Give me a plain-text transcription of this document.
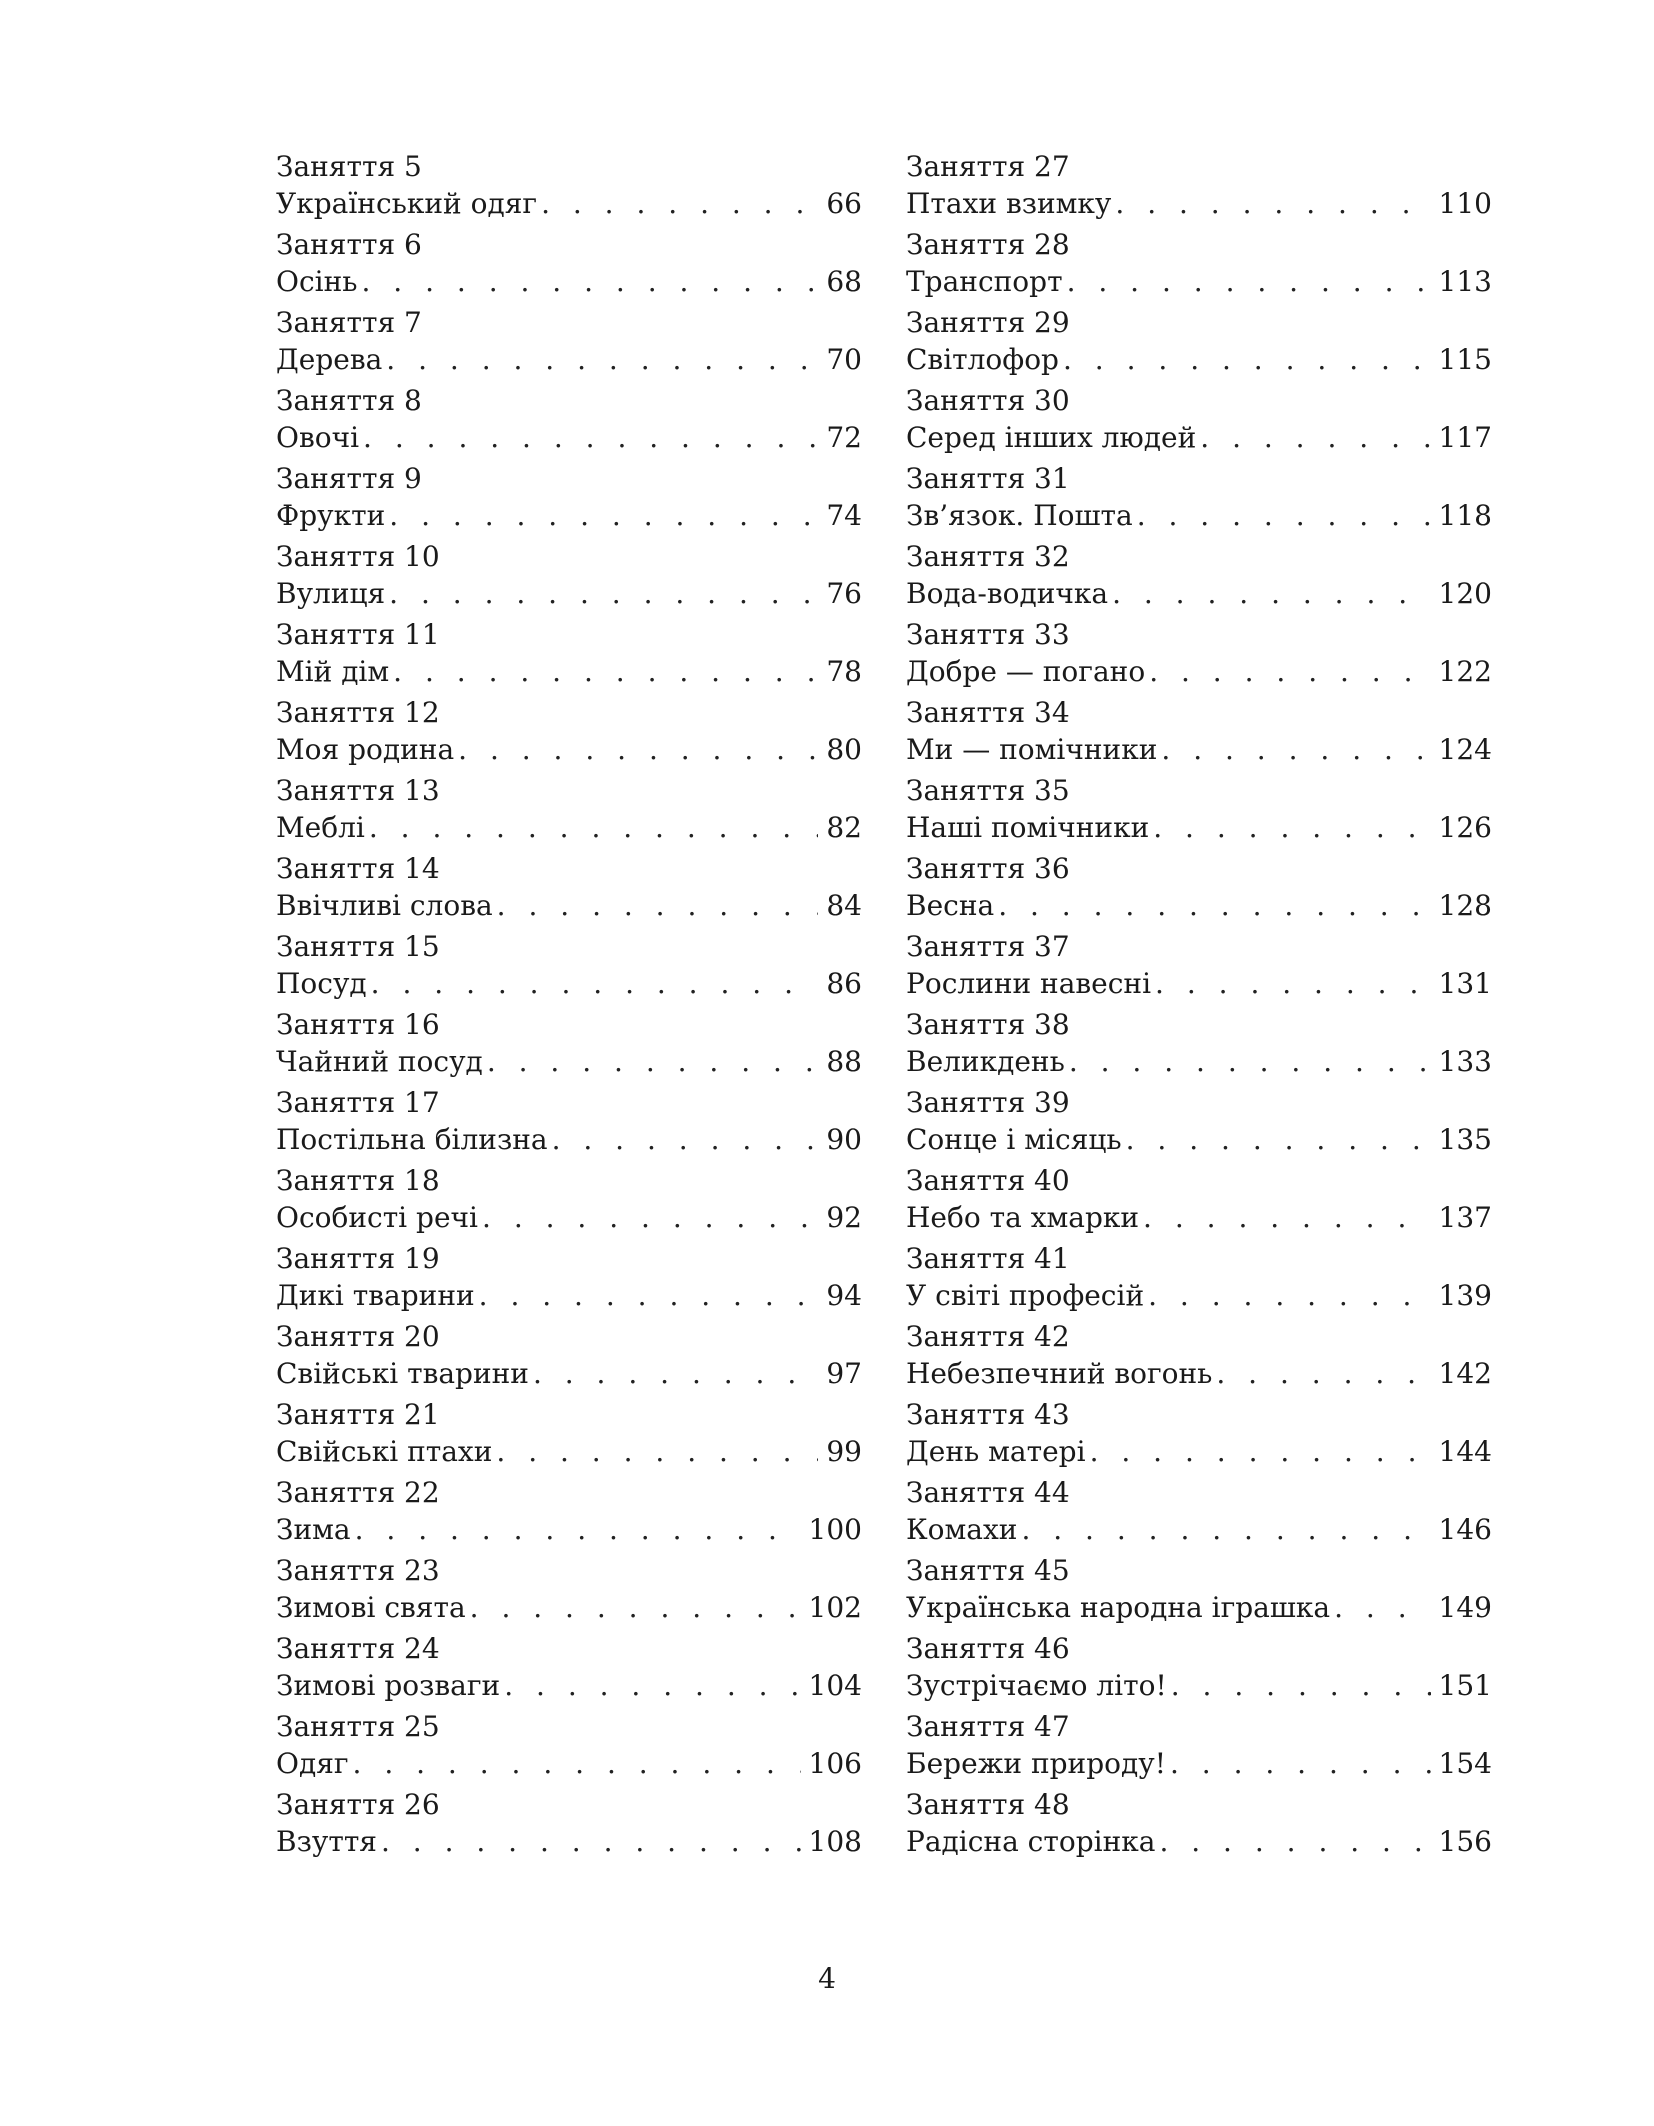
Заняття 5
Український одяг . . .	66
Заняття 6
Осінь . . .	68
Заняття 7
Дерева . . .	70
Заняття 8
Овочі . . .	72
Заняття 9
Фрукти . . .	74
Заняття 10
Вулиця . . .	76
Заняття 11
Мій дім . . .	78
Заняття 12
Моя родина . . .	80
Заняття 13
Меблі . . .	82
Заняття 14
Ввічливі слова . . .	84
Заняття 15
Посуд . . .	86
Заняття 16
Чайний посуд . . .	88
Заняття 17
Постільна білизна . . .	90
Заняття 18
Особисті речі . . .	92
Заняття 19
Дикі тварини . . .	94
Заняття 20
Свійські тварини . . .	97
Заняття 21
Свійські птахи . . .	99
Заняття 22
Зима . . .	100
Заняття 23
Зимові свята . . .	102
Заняття 24
Зимові розваги . . .	104
Заняття 25
Одяг . . .	106
Заняття 26
Взуття . . .	108
Заняття 27
Птахи взимку . . .	110
Заняття 28
Транспорт . . .	113
Заняття 29
Світлофор . . .	115
Заняття 30
Серед інших людей . . .	117
Заняття 31
Зв’язок. Пошта . . .	118
Заняття 32
Вода-водичка . . .	120
Заняття 33
Добре — погано . . .	122
Заняття 34
Ми — помічники . . .	124
Заняття 35
Наші помічники . . .	126
Заняття 36
Весна . . .	128
Заняття 37
Рослини навесні . . .	131
Заняття 38
Великдень . . .	133
Заняття 39
Сонце і місяць . . .	135
Заняття 40
Небо та хмарки . . .	137
Заняття 41
У світі професій . . .	139
Заняття 42
Небезпечний вогонь . . .	142
Заняття 43
День матері . . .	144
Заняття 44
Комахи . . .	146
Заняття 45
Українська народна іграшка . . .	149
Заняття 46
Зустрічаємо літо! . . .	151
Заняття 47
Бережи природу! . . .	154
Заняття 48
Радісна сторінка . . .	156
4
